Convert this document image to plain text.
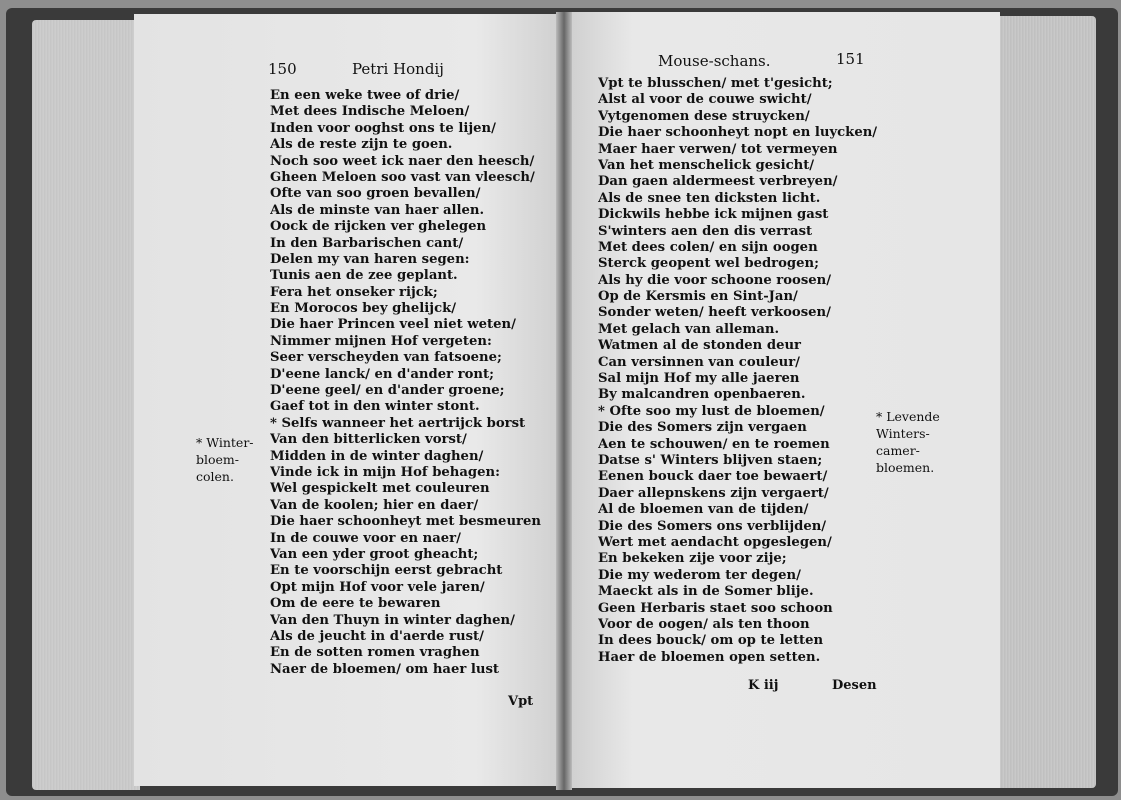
150	Petri Hondij
En een weke twee of drie/
Met dees Indische Meloen/
Inden voor ooghst ons te lijen/
Als de reste zijn te goen.
Noch soo weet ick naer den heesch/
Gheen Meloen soo vast van vleesch/
Ofte van soo groen bevallen/
Als de minste van haer allen.
Oock de rijcken ver ghelegen
In den Barbarischen cant/
Delen my van haren segen:
Tunis aen de zee geplant.
Fera het onseker rijck;
En Morocos bey ghelijck/
Die haer Princen veel niet weten/
Nimmer mijnen Hof vergeten:
Seer verscheyden van fatsoene;
D'eene lanck/ en d'ander ront;
D'eene geel/ en d'ander groene;
Gaef tot in den winter stont.
* Selfs wanneer het aertrijck borst
Van den bitterlicken vorst/
Midden in de winter daghen/
Vinde ick in mijn Hof behagen:
Wel gespickelt met couleuren
Van de koolen; hier en daer/
Die haer schoonheyt met besmeuren
In de couwe voor en naer/
Van een yder groot gheacht;
En te voorschijn eerst gebracht
Opt mijn Hof voor vele jaren/
Om de eere te bewaren
Van den Thuyn in winter daghen/
Als de jeucht in d'aerde rust/
En de sotten romen vraghen
Naer de bloemen/ om haer lust
Vpt
* Winter-
bloem-
colen.
Mouse-schans.	151
Vpt te blusschen/ met t'gesicht;
Alst al voor de couwe swicht/
Vytgenomen dese struycken/
Die haer schoonheyt nopt en luycken/
Maer haer verwen/ tot vermeyen
Van het menschelick gesicht/
Dan gaen aldermeest verbreyen/
Als de snee ten dicksten licht.
Dickwils hebbe ick mijnen gast
S'winters aen den dis verrast
Met dees colen/ en sijn oogen
Sterck geopent wel bedrogen;
Als hy die voor schoone roosen/
Op de Kersmis en Sint-Jan/
Sonder weten/ heeft verkoosen/
Met gelach van alleman.
Watmen al de stonden deur
Can versinnen van couleur/
Sal mijn Hof my alle jaeren
By malcandren openbaeren.
* Ofte soo my lust de bloemen/
Die des Somers zijn vergaen
Aen te schouwen/ en te roemen
Datse s' Winters blijven staen;
Eenen bouck daer toe bewaert/
Daer allepnskens zijn vergaert/
Al de bloemen van de tijden/
Die des Somers ons verblijden/
Wert met aendacht opgeslegen/
En bekeken zije voor zije;
Die my wederom ter degen/
Maeckt als in de Somer blije.
Geen Herbaris staet soo schoon
Voor de oogen/ als ten thoon
In dees bouck/ om op te letten
Haer de bloemen open setten.
K iij	Desen
* Levende
Winters-
camer-
bloemen.
